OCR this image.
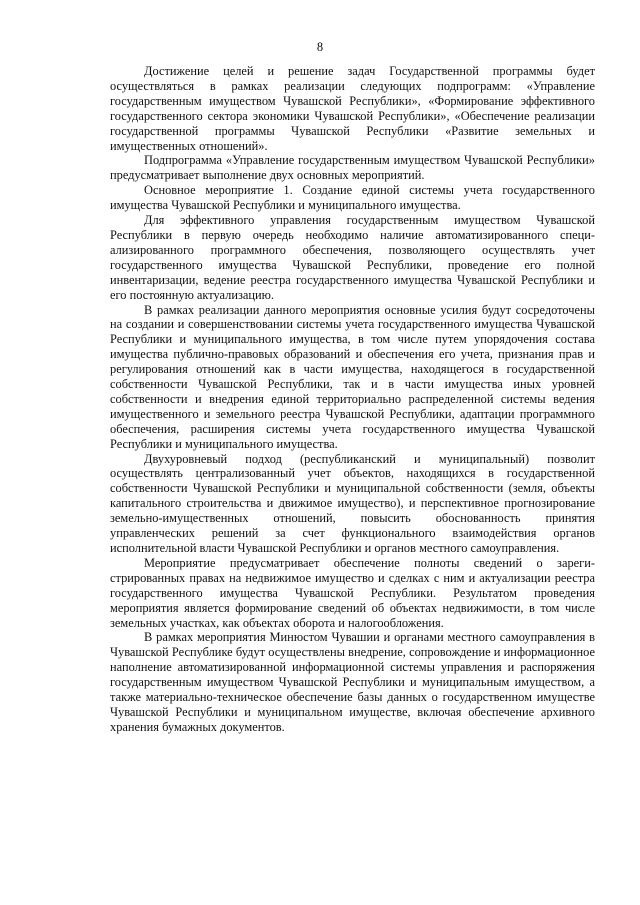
8

Достижение целей и решение задач Государственной программы будет осуществляться в рамках реализации следующих подпрограмм: «Управление государственным имуществом Чувашской Республики», «Формирование эффективного государственного сектора экономики Чувашской Республики», «Обеспечение реализации государственной программы Чувашской Республики «Развитие земельных и имущественных отношений».

Подпрограмма «Управление государственным имуществом Чувашской Республики» предусматривает выполнение двух основных мероприятий.

Основное мероприятие 1. Создание единой системы учета государственного имущества Чувашской Республики и муниципального имущества.

Для эффективного управления государственным имуществом Чувашской Республики в первую очередь необходимо наличие автоматизированного специализированного программного обеспечения, позволяющего осуществлять учет государственного имущества Чувашской Республики, проведение его полной инвентаризации, ведение реестра государственного имущества Чувашской Республики и его постоянную актуализацию.

В рамках реализации данного мероприятия основные усилия будут сосредоточены на создании и совершенствовании системы учета государственного имущества Чувашской Республики и муниципального имущества, в том числе путем упорядочения состава имущества публично-правовых образований и обеспечения его учета, признания прав и регулирования отношений как в части имущества, находящегося в государственной собственности Чувашской Республики, так и в части имущества иных уровней собственности и внедрения единой территориально распределенной системы ведения имущественного и земельного реестра Чувашской Республики, адаптации программного обеспечения, расширения системы учета государственного имущества Чувашской Республики и муниципального имущества.

Двухуровневый подход (республиканский и муниципальный) позволит осуществлять централизованный учет объектов, находящихся в государственной собственности Чувашской Республики и муниципальной собственности (земля, объекты капитального строительства и движимое имущество), и перспективное прогнозирование земельно-имущественных отношений, повысить обоснованность принятия управленческих решений за счет функционального взаимодействия органов исполнительной власти Чувашской Республики и органов местного самоуправления.

Мероприятие предусматривает обеспечение полноты сведений о зарегистрированных правах на недвижимое имущество и сделках с ним и актуализации реестра государственного имущества Чувашской Республики. Результатом проведения мероприятия является формирование сведений об объектах недвижимости, в том числе земельных участках, как объектах оборота и налогообложения.

В рамках мероприятия Минюстом Чувашии и органами местного самоуправления в Чувашской Республике будут осуществлены внедрение, сопровождение и информационное наполнение автоматизированной информационной системы управления и распоряжения государственным имуществом Чувашской Республики и муниципальным имуществом, а также материально-техническое обеспечение базы данных о государственном имуществе Чувашской Республики и муниципальном имуществе, включая обеспечение архивного хранения бумажных документов.
